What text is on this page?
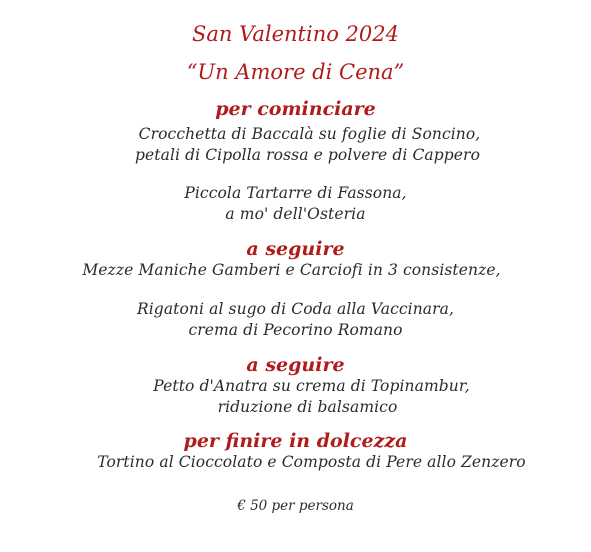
San Valentino 2024
“Un Amore di Cena”
per cominciare
Crocchetta di Baccalà su foglie di Soncino,
petali di Cipolla rossa e polvere di Cappero
Piccola Tartarre di Fassona,
a mo' dell'Osteria
a seguire
Mezze Maniche Gamberi e Carciofi in 3 consistenze,
Rigatoni al sugo di Coda alla Vaccinara,
crema di Pecorino Romano
a seguire
Petto d'Anatra su crema di Topinambur,
riduzione di balsamico
per finire in dolcezza
Tortino al Cioccolato e Composta di Pere allo Zenzero
€ 50 per persona
